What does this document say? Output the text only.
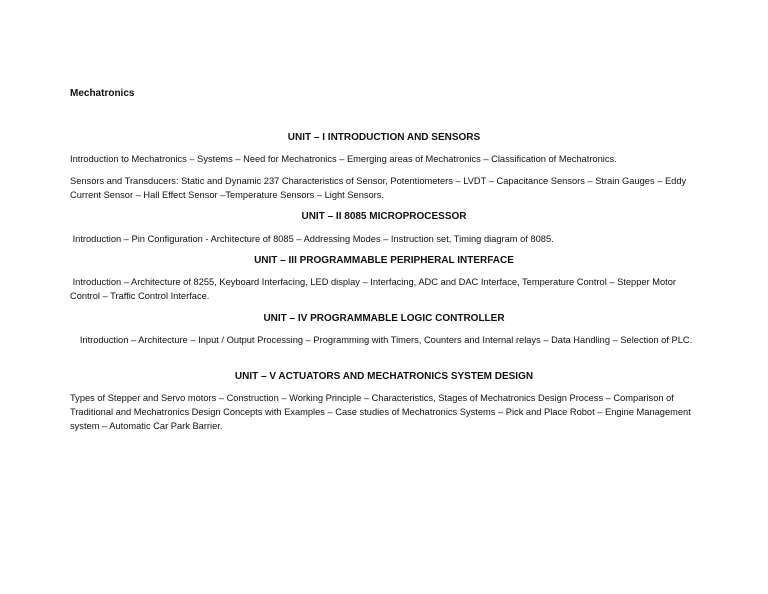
Mechatronics
UNIT – I INTRODUCTION AND SENSORS
Introduction to Mechatronics – Systems – Need for Mechatronics – Emerging areas of Mechatronics – Classification of Mechatronics.
Sensors and Transducers: Static and Dynamic 237 Characteristics of Sensor, Potentiometers – LVDT – Capacitance Sensors – Strain Gauges – Eddy Current Sensor – Hall Effect Sensor –Temperature Sensors – Light Sensors.
UNIT – II 8085 MICROPROCESSOR
Introduction – Pin Configuration - Architecture of 8085 – Addressing Modes – Instruction set, Timing diagram of 8085.
UNIT – III PROGRAMMABLE PERIPHERAL INTERFACE
Introduction – Architecture of 8255, Keyboard Interfacing, LED display – Interfacing, ADC and DAC Interface, Temperature Control – Stepper Motor Control – Traffic Control Interface.
UNIT – IV PROGRAMMABLE LOGIC CONTROLLER
Introduction – Architecture – Input / Output Processing – Programming with Timers, Counters and Internal relays – Data Handling – Selection of PLC.
UNIT – V ACTUATORS AND MECHATRONICS SYSTEM DESIGN
Types of Stepper and Servo motors – Construction – Working Principle – Characteristics, Stages of Mechatronics Design Process – Comparison of Traditional and Mechatronics Design Concepts with Examples – Case studies of Mechatronics Systems – Pick and Place Robot – Engine Management system – Automatic Car Park Barrier.
